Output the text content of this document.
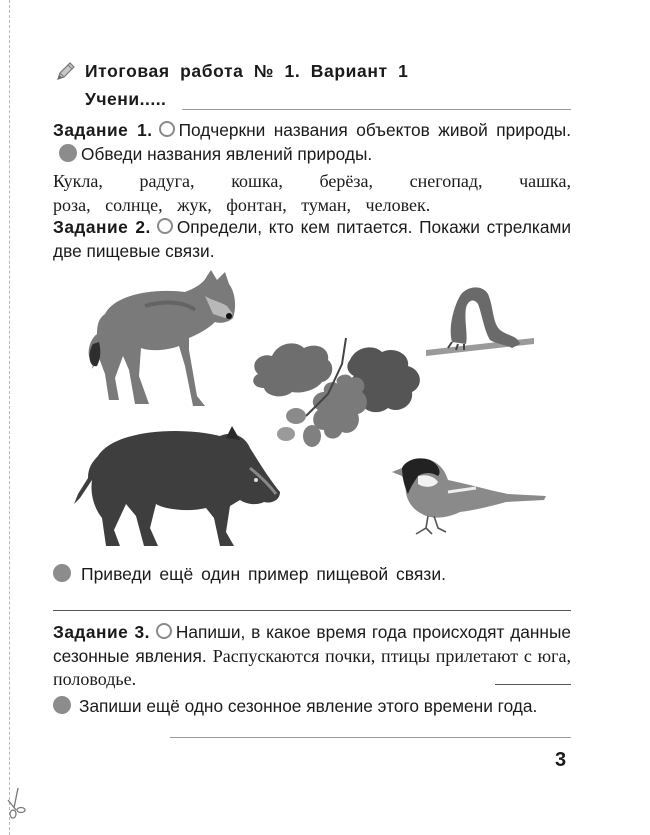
Итоговая работа № 1. Вариант 1
Учени.....
Задание 1. Подчеркни названия объектов живой природы. Обведи названия явлений природы.
Кукла, радуга, кошка, берёза, снегопад, чашка,
роза, солнце, жук, фонтан, туман, человек.
Задание 2. Определи, кто кем питается. Покажи стрелками две пищевые связи.
Приведи ещё один пример пищевой связи.
Задание 3. Напиши, в какое время года происходят данные сезонные явления. Распускаются почки, птицы прилетают с юга, половодье.
Запиши ещё одно сезонное явление этого времени года.
3
